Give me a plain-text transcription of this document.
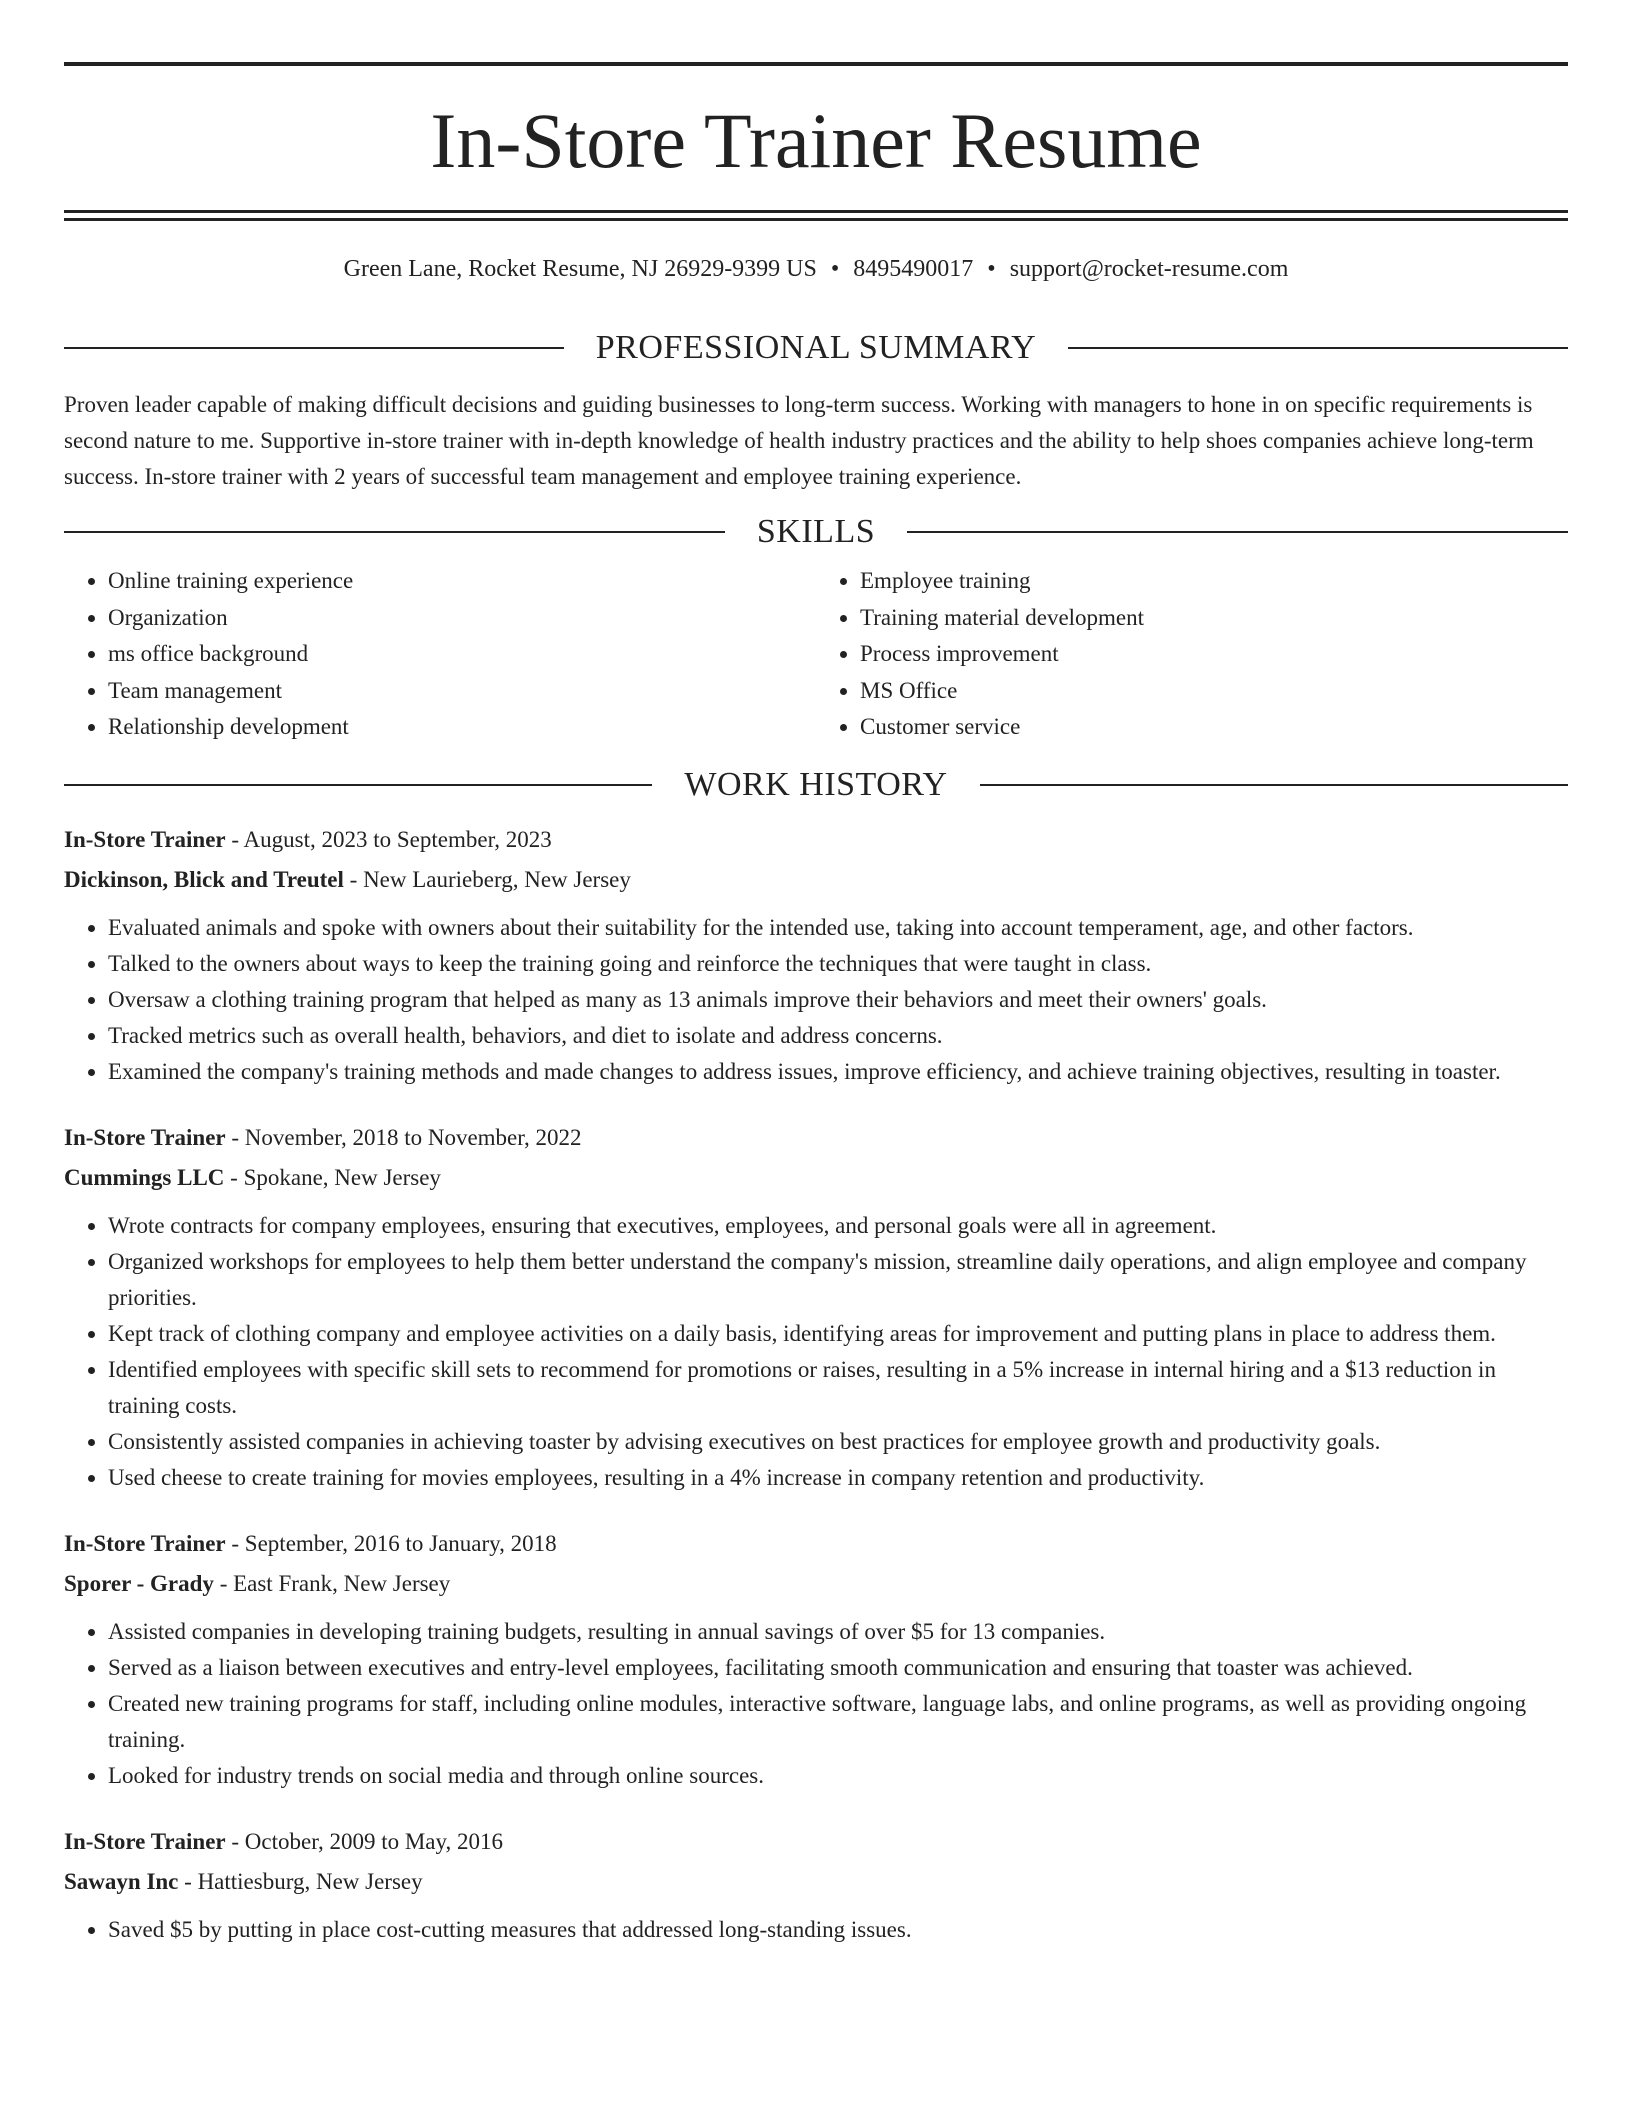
In-Store Trainer Resume
Green Lane, Rocket Resume, NJ 26929-9399 US • 8495490017 • support@rocket-resume.com
PROFESSIONAL SUMMARY

Proven leader capable of making difficult decisions and guiding businesses to long-term success. Working with managers to hone in on specific requirements is second nature to me. Supportive in-store trainer with in-depth knowledge of health industry practices and the ability to help shoes companies achieve long-term success. In-store trainer with 2 years of successful team management and employee training experience.

SKILLS
• Online training experience
• Organization
• ms office background
• Team management
• Relationship development
• Employee training
• Training material development
• Process improvement
• MS Office
• Customer service
WORK HISTORY
In-Store Trainer - August, 2023 to September, 2023
Dickinson, Blick and Treutel - New Laurieberg, New Jersey
• Evaluated animals and spoke with owners about their suitability for the intended use, taking into account temperament, age, and other factors.
• Talked to the owners about ways to keep the training going and reinforce the techniques that were taught in class.
• Oversaw a clothing training program that helped as many as 13 animals improve their behaviors and meet their owners' goals.
• Tracked metrics such as overall health, behaviors, and diet to isolate and address concerns.
• Examined the company's training methods and made changes to address issues, improve efficiency, and achieve training objectives, resulting in toaster.
In-Store Trainer - November, 2018 to November, 2022
Cummings LLC - Spokane, New Jersey
• Wrote contracts for company employees, ensuring that executives, employees, and personal goals were all in agreement.
• Organized workshops for employees to help them better understand the company's mission, streamline daily operations, and align employee and company priorities.
• Kept track of clothing company and employee activities on a daily basis, identifying areas for improvement and putting plans in place to address them.
• Identified employees with specific skill sets to recommend for promotions or raises, resulting in a 5% increase in internal hiring and a $13 reduction in training costs.
• Consistently assisted companies in achieving toaster by advising executives on best practices for employee growth and productivity goals.
• Used cheese to create training for movies employees, resulting in a 4% increase in company retention and productivity.
In-Store Trainer - September, 2016 to January, 2018
Sporer - Grady - East Frank, New Jersey
• Assisted companies in developing training budgets, resulting in annual savings of over $5 for 13 companies.
• Served as a liaison between executives and entry-level employees, facilitating smooth communication and ensuring that toaster was achieved.
• Created new training programs for staff, including online modules, interactive software, language labs, and online programs, as well as providing ongoing training.
• Looked for industry trends on social media and through online sources.
In-Store Trainer - October, 2009 to May, 2016
Sawayn Inc - Hattiesburg, New Jersey
• Saved $5 by putting in place cost-cutting measures that addressed long-standing issues.
